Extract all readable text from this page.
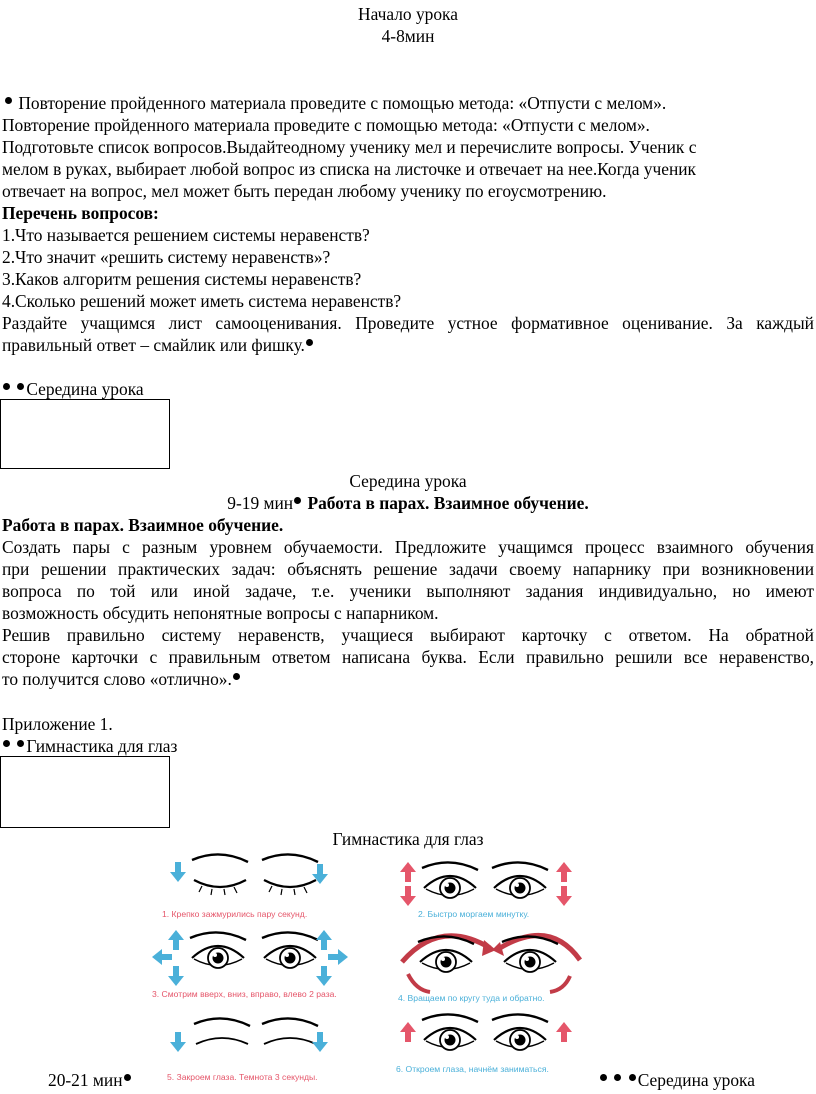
Начало урока
4-8мин
Повторение пройденного материала проведите с помощью метода: «Отпусти с мелом».
Повторение пройденного материала проведите с помощью метода: «Отпусти с мелом».
Подготовьте список вопросов.Выдайтеодному ученику мел и перечислите вопросы. Ученик с
мелом в руках, выбирает любой вопрос из списка на листочке и отвечает на нее.Когда ученик
отвечает на вопрос, мел может быть передан любому ученику по егоусмотрению.
Перечень вопросов:
1.Что называется решением системы неравенств?
2.Что значит «решить систему неравенств»?
3.Каков алгоритм решения системы неравенств?
4.Сколько решений может иметь система неравенств?
Раздайте учащимся лист самооценивания. Проведите устное формативное оценивание. За каждый
правильный ответ – смайлик или фишку.
Середина урока
Середина урока
9-19 мин Работа в парах. Взаимное обучение.
Работа в парах. Взаимное обучение.
Создать пары с разным уровнем обучаемости. Предложите учащимся процесс взаимного обучения
при решении практических задач: объяснять решение задачи своему напарнику при возникновении
вопроса по той или иной задаче, т.е. ученики выполняют задания индивидуально, но имеют
возможность обсудить непонятные вопросы с напарником.
Решив правильно систему неравенств, учащиеся выбирают карточку с ответом. На обратной
стороне карточки с правильным ответом написана буква. Если правильно решили все неравенство,
то получится слово «отлично».
Приложение 1.
Гимнастика для глаз
Гимнастика для глаз
1. Крепко зажмурились пару секунд.	2. Быстро моргаем минутку.
3. Смотрим вверх, вниз, вправо, влево 2 раза.	4. Вращаем по кругу туда и обратно.
5. Закроем глаза. Темнота 3 секунды.
6. Откроем глаза, начнём заниматься.
20-21 мин	Середина урока
